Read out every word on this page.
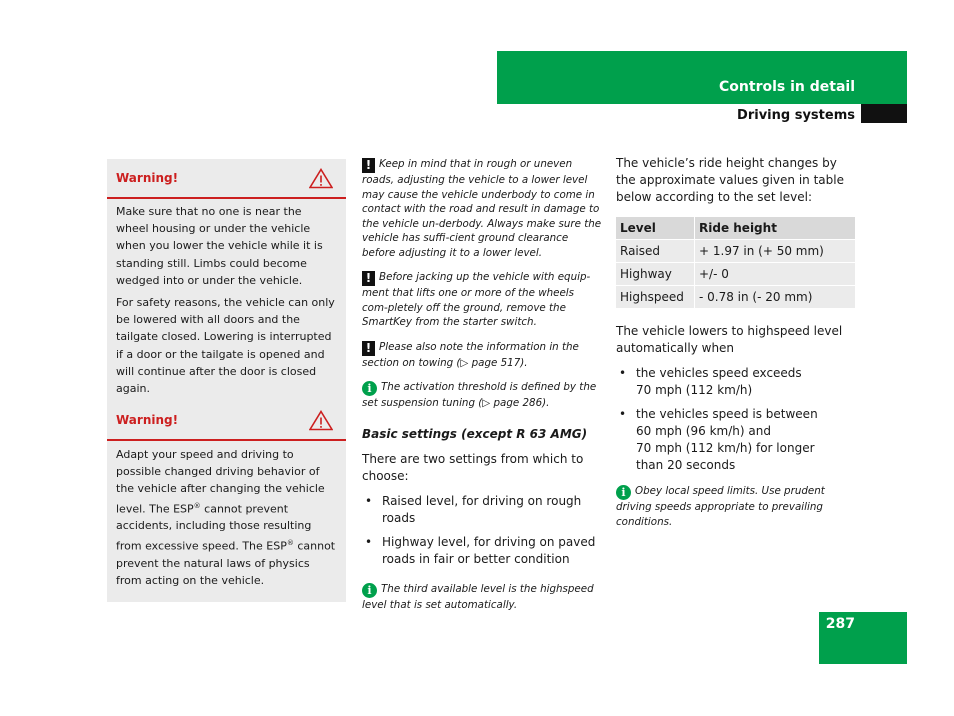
Controls in detail
Driving systems
Warning!

Make sure that no one is near the wheel housing or under the vehicle when you lower the vehicle while it is standing still. Limbs could become wedged into or under the vehicle.

For safety reasons, the vehicle can only be lowered with all doors and the tailgate closed. Lowering is interrupted if a door or the tailgate is opened and will continue after the door is closed again.

Warning!

Adapt your speed and driving to possible changed driving behavior of the vehicle after changing the vehicle level. The ESP® cannot prevent accidents, including those resulting from excessive speed. The ESP® cannot prevent the natural laws of physics from acting on the vehicle.

! Keep in mind that in rough or uneven roads, adjusting the vehicle to a lower level may cause the vehicle underbody to come in contact with the road and result in damage to the vehicle un-derbody. Always make sure the vehicle has suffi-cient ground clearance before adjusting it to a lower level.

! Before jacking up the vehicle with equip-ment that lifts one or more of the wheels com-pletely off the ground, remove the SmartKey from the starter switch.

! Please also note the information in the section on towing (▷ page 517).

i The activation threshold is defined by the set suspension tuning (▷ page 286).

Basic settings (except R 63 AMG)

There are two settings from which to choose:

• Raised level, for driving on rough roads
• Highway level, for driving on paved roads in fair or better condition

i The third available level is the highspeed level that is set automatically.

The vehicle’s ride height changes by the approximate values given in table below according to the set level:

Level	Ride height
Raised	+ 1.97 in (+ 50 mm)
Highway	+/- 0
Highspeed	- 0.78 in (- 20 mm)

The vehicle lowers to highspeed level automatically when

• the vehicles speed exceeds
70 mph (112 km/h)
• the vehicles speed is between
60 mph (96 km/h) and
70 mph (112 km/h) for longer
than 20 seconds

i Obey local speed limits. Use prudent driving speeds appropriate to prevailing conditions.

287
